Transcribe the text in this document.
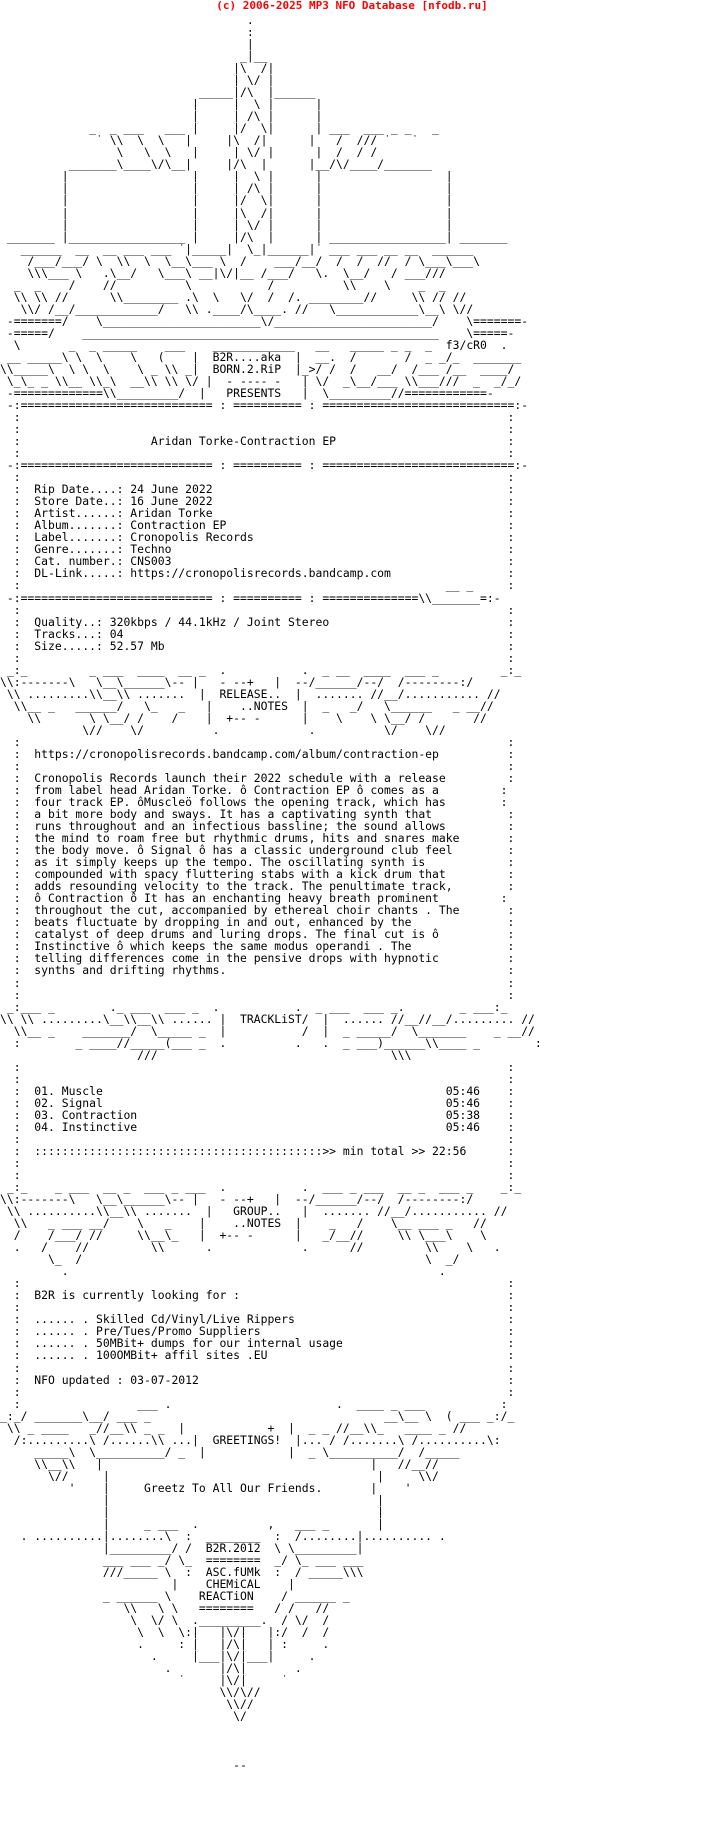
(c) 2006-2025 MP3 NFO Database [nfodb.ru]
.
:
|
_|__
|\  /|
| \/ |
_____|/\  |______
|     |  \ |      |
|     | /\ |      |
_  _ ___   ___ |     |/  \|      | ___  ___ _ _   _
˙ \\  \  \   |     |\  /|      |   /  /// ˙   ˙
\   \  \   |     | \/ |      |  /  / /
_______\____\/\__|     |/\  |      |__/\/____/_______
|                  |     |  \ |      |                  |
|                  |     | /\ |      |                  |
|                  |     |/  \|      |                  |
|                  |     |\  /|      |                  |
|                  |     | \/ |      |                  |
_______ |_________________ |     |/\  |      | _________________| _______
______  __  __ ___ ___ ˙|_____|  \_|______|˙ ___ ___ __ __  ______
/___/___/ \  \\  \  \__\___ \  /    ___/__/  /  /  //  / \___\___\
\\\___ \   .\__/   \___\ __|\/|__ /___/   \.  \__/   / ___///
_  _    /    //          \           /          \\    \    _  _
\\ \\ //      \\________ .\  \   \/  /  /. ________//     \\ // //
\\/ /__/____________/   \\ .____/\____. //   \____________\__\ \//
-=======/    \_______________________\/_______________________/    \=======-
-=====/    ____________________________________________________    \=====-
\       _  _ _____    ___    ____________   __   _____ _ _  _  f3/cR0  .
__ _____\ \  \    \   (    |  B2R....aka  |  __.  /       /  _ _/_  _______
\\_____\  \ \  \    \ _ \\ _|  BORN.2.RiP  |_>/ /  /   __/  /___ /__  ____/
\_\_ _ \\__ \\_\  __\\ \\ \/ |  - ---- -   | \/  _\__/___ \\___///  _  _/_/
-=============\\_________/  |   PRESENTS   |  \_________//============-
-:============================ : ========== : ============================:-
:                                                                       :
:                                                                       :
:                   Aridan Torke-Contraction EP                         :
:                                                                       :
-:============================ : ========== : ============================:-
:                                                                       :
:  Rip Date....: 24 June 2022                                           :
:  Store Date..: 16 June 2022                                           :
:  Artist......: Aridan Torke                                           :
:  Album.......: Contraction EP                                         :
:  Label.......: Cronopolis Records                                     :
:  Genre.......: Techno                                                 :
:  Cat. number.: CNS003                                                 :
:  DL-Link.....: https://cronopolisrecords.bandcamp.com                 :
:                                                              __ _     :
-:============================ : ========== : ==============\\_______=:-
:                                                                       :
:  Quality..: 320kbps / 44.1kHz / Joint Stereo                          :
:  Tracks...: 04                                                        :
:  Size.....: 52.57 Mb                                                  :
:                                                                       :
_:_         _ ___  ____  __ _  .           .  _ __  ____  ___ _         _:_
\\:-------\   \__\______\-- |   - --+   |  --/______/--/  /--------:/
\\ .........\\__\\ .......  |  RELEASE..  |  ....... //__/........... //
\\__ _   ______/   \_   _   |    ..NOTES  |  _   _/   \______   _ __//
\\       \ \__/ /    /    |  +-- -      |    \    \ \__/ /       //
\//    \/          .             .          \/    \//
:                                                                       :
:  https://cronopolisrecords.bandcamp.com/album/contraction-ep          :
:                                                                       :
:  Cronopolis Records launch their 2022 schedule with a release         :
:  from label head Aridan Torke. ô Contraction EP ô comes as a         :
:  four track EP. ôMuscleö follows the opening track, which has        :
:  a bit more body and sways. It has a captivating synth that           :
:  runs throughout and an infectious bassline; the sound allows         :
:  the mind to roam free but rhythmic drums, hits and snares make       :
:  the body move. ô Signal ô has a classic underground club feel        :
:  as it simply keeps up the tempo. The oscillating synth is            :
:  compounded with spacy fluttering stabs with a kick drum that         :
:  adds resounding velocity to the track. The penultimate track,        :
:  ô Contraction ô It has an enchanting heavy breath prominent         :
:  throughout the cut, accompanied by ethereal choir chants . The       :
:  beats fluctuate by dropping in and out, enhanced by the              :
:  catalyst of deep drums and luring drops. The final cut is ô          :
:  Instinctive ô which keeps the same modus operandi . The              :
:  telling differences come in the pensive drops with hypnotic          :
:  synths and drifting rhythms.                                         :
:                                                                       :
:                                                                       :
_:___ _        ._ ___  ___ _  .           .  _ ___  ___ _.        _ ___:_
\\ \\ .........\__\\__\\ ...... |  TRACKLiST/  |  ...... //__//__/......... //
\\__ _    _______/  \_____ _  |           /  |  _ _____/  \_______    _ __//
:        _ ____//_____(___ _  .          .   .  _ ___)______\\____ _        :
///                                  \\\
:                                                                       :
:                                                                       :
:  01. Muscle                                                  05:46    :
:  02. Signal                                                  05:46    :
:  03. Contraction                                             05:38    :
:  04. Instinctive                                             05:46    :
:                                                                       :
:  ::::::::::::::::::::::::::::::::::::::::::>> min total >> 22:56      :
:                                                                       :
:                                                                       :
_:_    _ ___  __ _  ___ _ ___  .           .  ___ _ ___  __ _  ___ _    _:_
\\:-------\   \__\______\-- |   - --+   |  --/______/--/  /--------:/
\\ ..........\\__\\ .......  |   GROUP..   |  ....... //__/........... //
\\   _ ___ __/    \   _    |    ..NOTES  |    _   /    \__ ___ _   //
/    /___/ //     \\__\_   |  +-- -      |   _/__//     \\ \___\    \
.   /    //         \\      .             .      //         \\    \   .
\_  /                                                  \  _/
.                                                      .
:                                                                       :
:  B2R is currently looking for :                                       :
:                                                                       :
:  ...... . Skilled Cd/Vinyl/Live Rippers                               :
:  ...... . Pre/Tues/Promo Suppliers                                    :
:  ...... . 50MBit+ dumps for our internal usage                        :
:  ...... . 100OMBit+ affil sites .EU                                   :
:                                                                       :
:  NFO updated : 03-07-2012                                             :
:                                                                       :
:                 ___ .                        .  ____ _ ___           :
_:_/ _______\__/ ___ _                                  __\__ \  ( ___ _:/_
\\ _ ____   _//__\\ _ _  |            +  |  _ _ //__\\_   ____ _ //
/:.........\ /......\\ ...|  GREETINGS!  |... / /.......\ /..........\:
_____\  \__________/ _  |            |  _ \__________/  /_____
\\__\\   |                                       |   //__//
\//     |                                       |     \\/
'    |     Greetz To All Our Friends.       |    '
|                                       |
|                                       |
|     _ ___  .          ,   ___ _       |
. ..........|........\  :  ________  :  /........|.......... .
|_________/ /  B2R.2012  \ \_________|
___ ___ _/ \_  ========  _/ \_ ___ ___
///_____ \  :  ASC.fUMk  :  / _____\\\
|    CHEMiCAL    |
_ ______ \    REACTiON    / ______ _
\\   \ \   ========   / /   //
\  \/ \  ._________.  / \/  /
\  \  \:|   |\/|   |:/  /  /
.     : |   |/\|   | :     .
.     |___|\/|___|     .
.       |/\|       .
˙     |\/|     ˙
\\/\//
\\//
\/

--
